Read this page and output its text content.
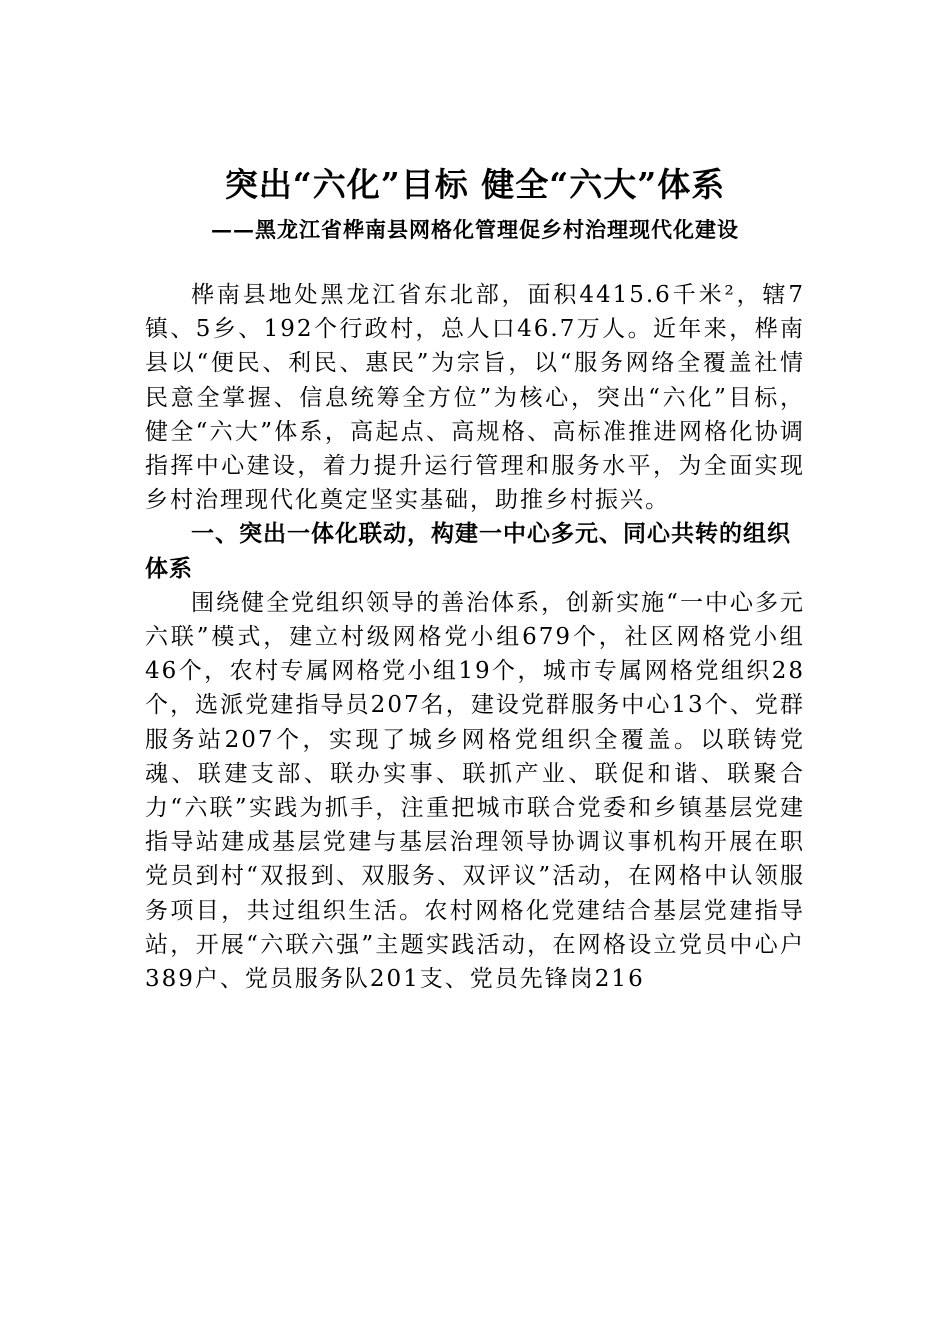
突出“六化”目标 健全“六大”体系
——黑龙江省桦南县网格化管理促乡村治理现代化建设

桦南县地处黑龙江省东北部，面积4415.6千米²，辖7镇、5乡、192个行政村，总人口46.7万人。近年来，桦南县以“便民、利民、惠民”为宗旨，以“服务网络全覆盖社情民意全掌握、信息统筹全方位”为核心，突出“六化”目标，健全“六大”体系，高起点、高规格、高标准推进网格化协调指挥中心建设，着力提升运行管理和服务水平，为全面实现乡村治理现代化奠定坚实基础，助推乡村振兴。

一、突出一体化联动，构建一中心多元、同心共转的组织体系

围绕健全党组织领导的善治体系，创新实施“一中心多元六联”模式，建立村级网格党小组679个，社区网格党小组46个，农村专属网格党小组19个，城市专属网格党组织28个，选派党建指导员207名，建设党群服务中心13个、党群服务站207个，实现了城乡网格党组织全覆盖。以联铸党魂、联建支部、联办实事、联抓产业、联促和谐、联聚合力“六联”实践为抓手，注重把城市联合党委和乡镇基层党建指导站建成基层党建与基层治理领导协调议事机构开展在职党员到村“双报到、双服务、双评议”活动，在网格中认领服务项目，共过组织生活。农村网格化党建结合基层党建指导站，开展“六联六强”主题实践活动，在网格设立党员中心户389户、党员服务队201支、党员先锋岗216
